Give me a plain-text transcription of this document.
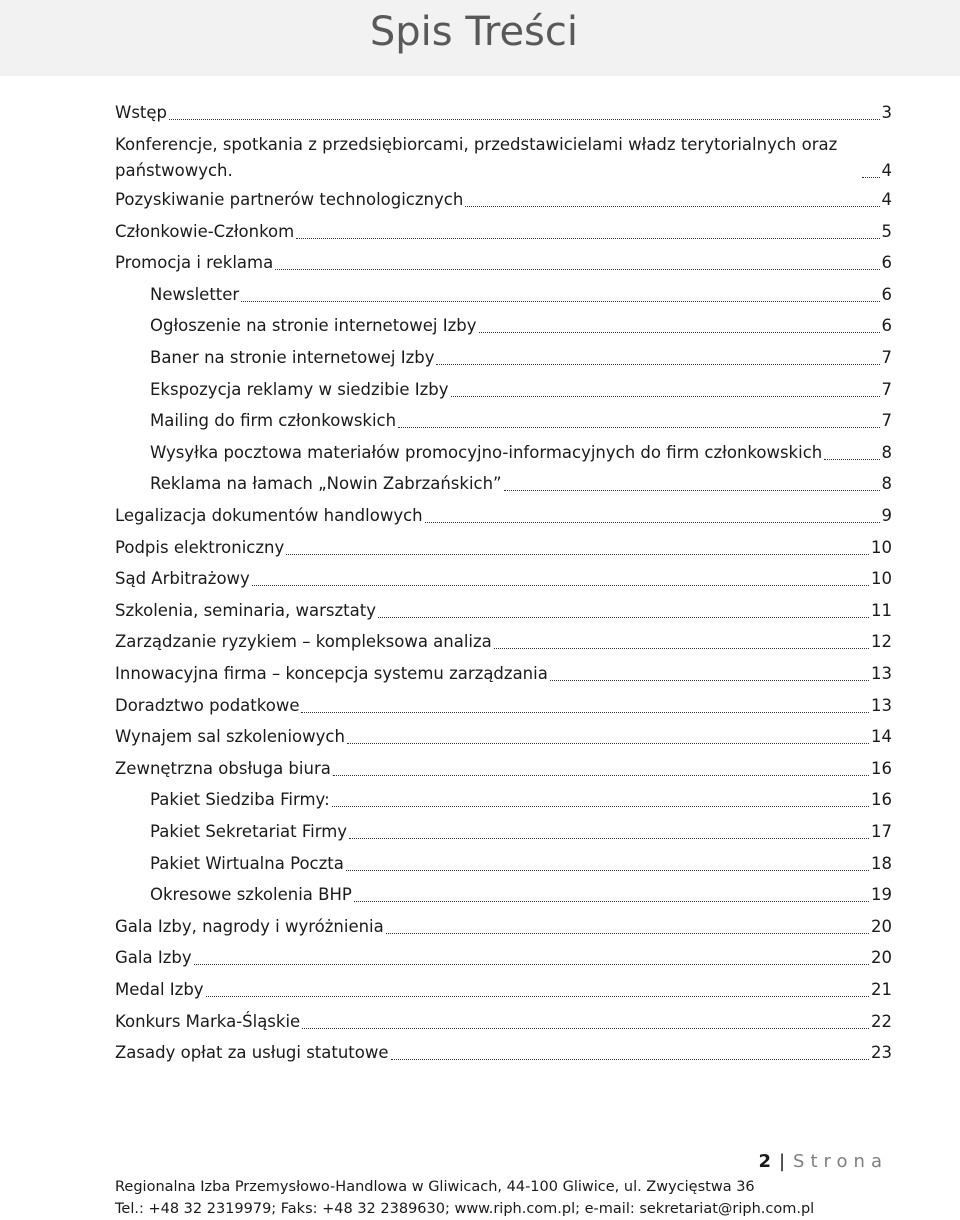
Spis Treści
Wstęp	3
Konferencje, spotkania z przedsiębiorcami, przedstawicielami władz terytorialnych oraz państwowych.	4
Pozyskiwanie partnerów technologicznych	4
Członkowie-Członkom	5
Promocja i reklama	6
Newsletter	6
Ogłoszenie na stronie internetowej Izby	6
Baner na stronie internetowej Izby	7
Ekspozycja reklamy w siedzibie Izby	7
Mailing do firm członkowskich	7
Wysyłka pocztowa materiałów promocyjno-informacyjnych do firm członkowskich	8
Reklama na łamach „Nowin Zabrzańskich”	8
Legalizacja dokumentów handlowych	9
Podpis elektroniczny	10
Sąd Arbitrażowy	10
Szkolenia, seminaria, warsztaty	11
Zarządzanie ryzykiem – kompleksowa analiza	12
Innowacyjna firma – koncepcja systemu zarządzania	13
Doradztwo podatkowe	13
Wynajem sal szkoleniowych	14
Zewnętrzna obsługa biura	16
Pakiet Siedziba Firmy:	16
Pakiet Sekretariat Firmy	17
Pakiet Wirtualna Poczta	18
Okresowe szkolenia BHP	19
Gala Izby, nagrody i wyróżnienia	20
Gala Izby	20
Medal Izby	21
Konkurs Marka-Śląskie	22
Zasady opłat za usługi statutowe	23
2 | Strona
Regionalna Izba Przemysłowo-Handlowa w Gliwicach, 44-100 Gliwice, ul. Zwycięstwa 36
Tel.: +48 32 2319979; Faks: +48 32 2389630; www.riph.com.pl; e-mail: sekretariat@riph.com.pl
